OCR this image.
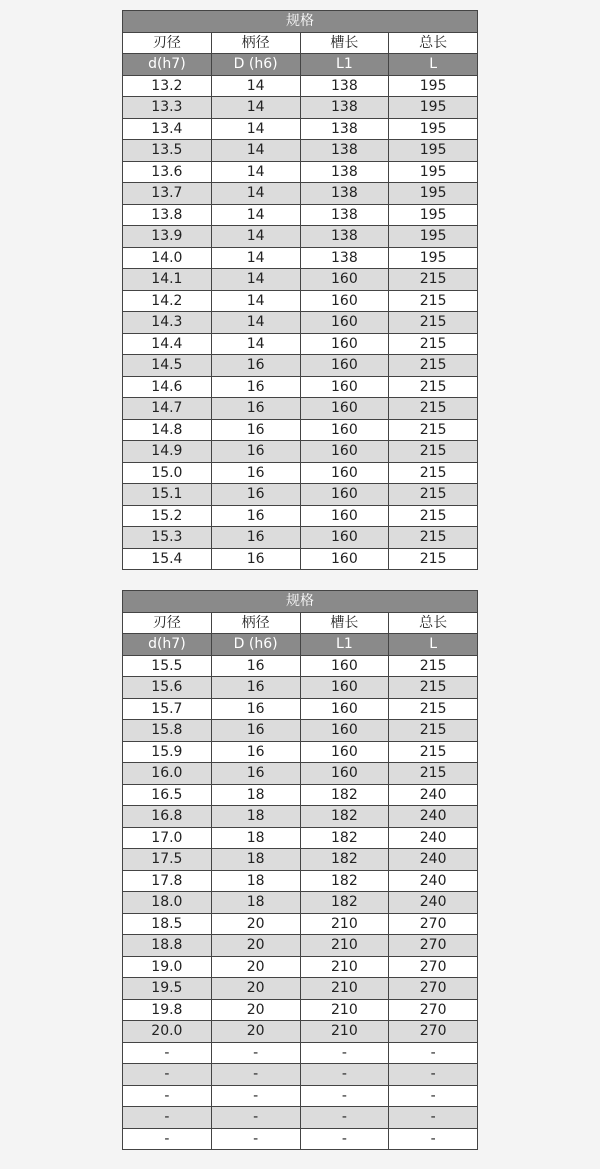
规格			
刃径	柄径	槽长	总长
d(h7)	D (h6)	L1	L
13.2	14	138	195
13.3	14	138	195
13.4	14	138	195
13.5	14	138	195
13.6	14	138	195
13.7	14	138	195
13.8	14	138	195
13.9	14	138	195
14.0	14	138	195
14.1	14	160	215
14.2	14	160	215
14.3	14	160	215
14.4	14	160	215
14.5	16	160	215
14.6	16	160	215
14.7	16	160	215
14.8	16	160	215
14.9	16	160	215
15.0	16	160	215
15.1	16	160	215
15.2	16	160	215
15.3	16	160	215
15.4	16	160	215
规格			
刃径	柄径	槽长	总长
d(h7)	D (h6)	L1	L
15.5	16	160	215
15.6	16	160	215
15.7	16	160	215
15.8	16	160	215
15.9	16	160	215
16.0	16	160	215
16.5	18	182	240
16.8	18	182	240
17.0	18	182	240
17.5	18	182	240
17.8	18	182	240
18.0	18	182	240
18.5	20	210	270
18.8	20	210	270
19.0	20	210	270
19.5	20	210	270
19.8	20	210	270
20.0	20	210	270
-	-	-	-
-	-	-	-
-	-	-	-
-	-	-	-
-	-	-	-
